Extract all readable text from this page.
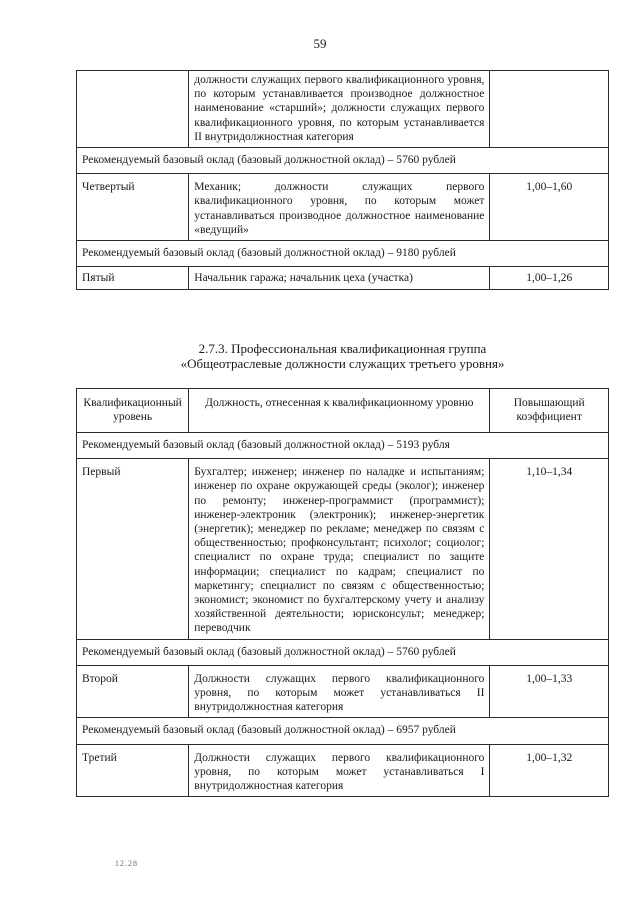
59
	должности служащих первого квалификационного уровня, по которым устанавливается производное должностное наименование «старший»; должности служащих первого квалификационного уровня, по которым устанавливается II внутридолжностная категория	
Рекомендуемый базовый оклад (базовый должностной оклад) – 5760 рублей		
Четвертый	Механик; должности служащих первого квалификационного уровня, по которым может устанавливаться производное должностное наименование «ведущий»	1,00–1,60
Рекомендуемый базовый оклад (базовый должностной оклад) – 9180 рублей		
Пятый	Начальник гаража; начальник цеха (участка)	1,00–1,26
2.7.3. Профессиональная квалификационная группа
«Общеотраслевые должности служащих третьего уровня»
Квалификационный уровень	Должность, отнесенная к квалификационному уровню	Повышающий коэффициент
Рекомендуемый базовый оклад (базовый должностной оклад) – 5193 рубля		
Первый	Бухгалтер; инженер; инженер по наладке и испытаниям; инженер по охране окружающей среды (эколог); инженер по ремонту; инженер-программист (программист); инженер-электроник (электроник); инженер-энергетик (энергетик); менеджер по рекламе; менеджер по связям с общественностью; профконсультант; психолог; социолог; специалист по охране труда; специалист по защите информации; специалист по кадрам; специалист по маркетингу; специалист по связям с общественностью; экономист; экономист по бухгалтерскому учету и анализу хозяйственной деятельности; юрисконсульт; менеджер; переводчик	1,10–1,34
Рекомендуемый базовый оклад (базовый должностной оклад) – 5760 рублей		
Второй	Должности служащих первого квалификационного уровня, по которым может устанавливаться II внутридолжностная категория	1,00–1,33
Рекомендуемый базовый оклад (базовый должностной оклад) – 6957 рублей		
Третий	Должности служащих первого квалификационного уровня, по которым может устанавливаться I внутридолжностная категория	1,00–1,32
12.28
